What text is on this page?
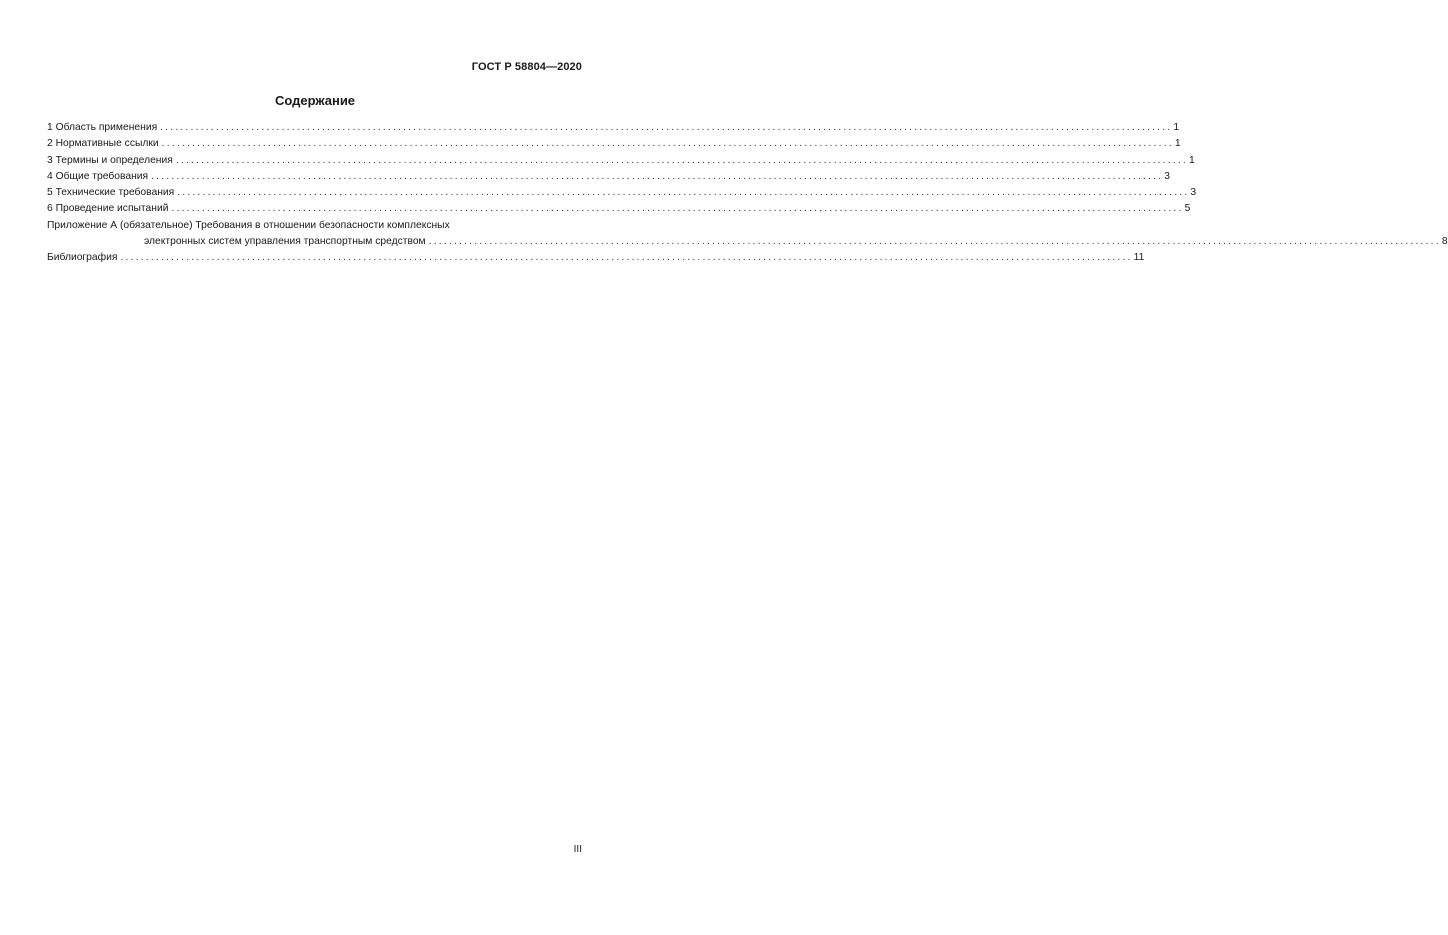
ГОСТ Р 58804—2020
Содержание
1 Область применения ........................................................................................................................................................................................................ 1
2 Нормативные ссылки ........................................................................................................................................................................................................ 1
3 Термины и определения ........................................................................................................................................................................................................ 1
4 Общие требования ........................................................................................................................................................................................................ 3
5 Технические требования ........................................................................................................................................................................................................ 3
6 Проведение испытаний ........................................................................................................................................................................................................ 5
Приложение А (обязательное) Требования в отношении безопасности комплексных
электронных систем управления транспортным средством ........................................................................................................................................................................................................ 8
Библиография ........................................................................................................................................................................................................ 11
III
